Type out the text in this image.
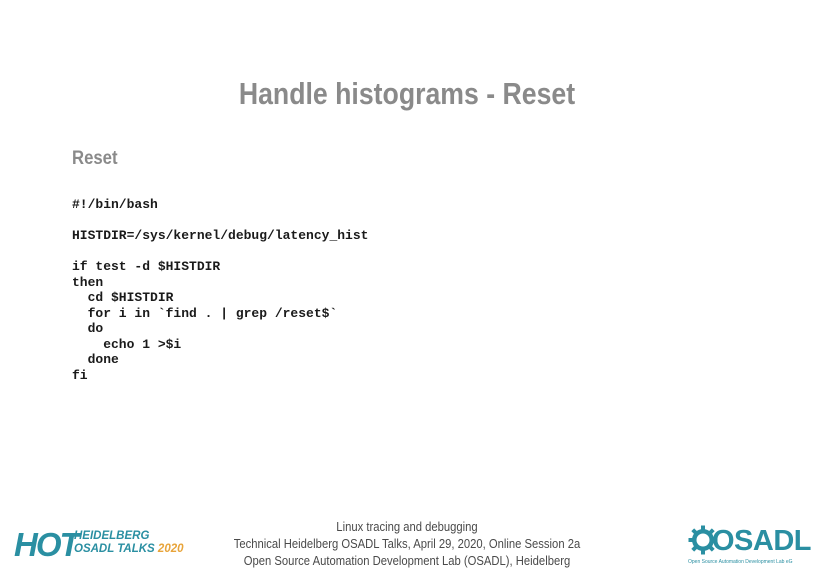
Handle histograms - Reset
Reset
#!/bin/bash
HISTDIR=/sys/kernel/debug/latency_hist
if test -d $HISTDIR
then
cd $HISTDIR
for i in `find . | grep /reset$`
do
echo 1 >$i
done
fi
HOT
HEIDELBERG
OSADL TALKS 2020
Linux tracing and debugging
Technical Heidelberg OSADL Talks, April 29, 2020, Online Session 2a
Open Source Automation Development Lab (OSADL), Heidelberg
OSADL
Open Source Automation Development Lab eG
